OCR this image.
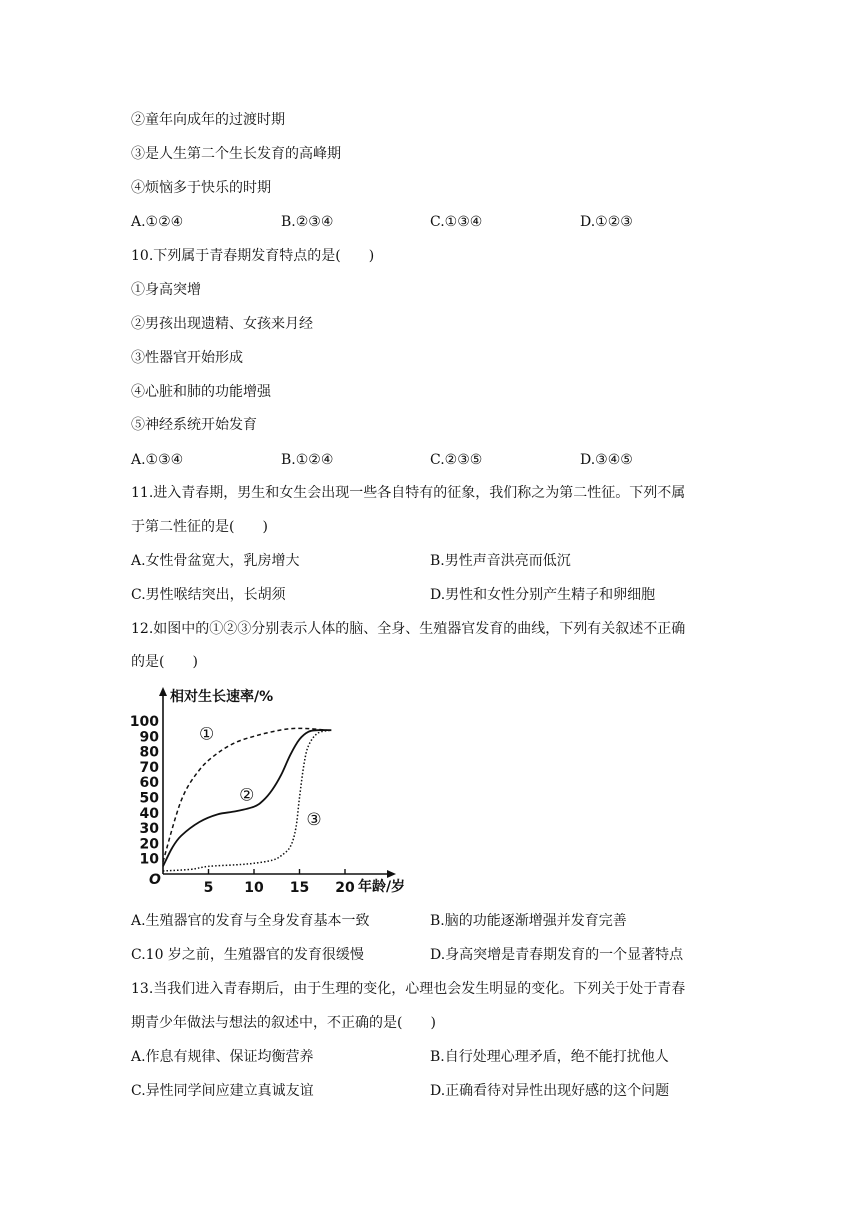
②童年向成年的过渡时期
③是人生第二个生长发育的高峰期
④烦恼多于快乐的时期
A.①②④	B.②③④	C.①③④	D.①②③
10.下列属于青春期发育特点的是(　　)
①身高突增
②男孩出现遗精、女孩来月经
③性器官开始形成
④心脏和肺的功能增强
⑤神经系统开始发育
A.①③④	B.①②④	C.②③⑤	D.③④⑤
11.进入青春期，男生和女生会出现一些各自特有的征象，我们称之为第二性征。下列不属
于第二性征的是(　　)
A.女性骨盆宽大，乳房增大	B.男性声音洪亮而低沉
C.男性喉结突出，长胡须	D.男性和女性分别产生精子和卵细胞
12.如图中的①②③分别表示人体的脑、全身、生殖器官发育的曲线，下列有关叙述不正确
的是(　　)
相对生长速率/%
年龄/岁
O
10
20
30
40
50
60
70
80
90
100
5 10 15 20
①
②
③
A.生殖器官的发育与全身发育基本一致	B.脑的功能逐渐增强并发育完善
C.10 岁之前，生殖器官的发育很缓慢	D.身高突增是青春期发育的一个显著特点
13.当我们进入青春期后，由于生理的变化，心理也会发生明显的变化。下列关于处于青春
期青少年做法与想法的叙述中，不正确的是(　　)
A.作息有规律、保证均衡营养	B.自行处理心理矛盾，绝不能打扰他人
C.异性同学间应建立真诚友谊	D.正确看待对异性出现好感的这个问题
